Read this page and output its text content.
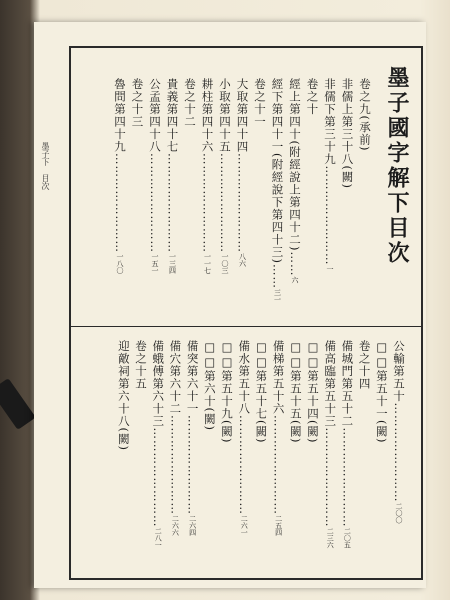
墨子國字解下目次
卷之九(承前)
非儒上第三十八(闕)
非儒下第三十九……………………一
卷之十
經上第四十(附經說上第四十二)……六
經下第四十一(附經說下第四十三)……三一
卷之十一
大取第四十四……………………八六
小取第四十五……………………一〇三
耕柱第四十六……………………一一七
卷之十二
貴義第四十七……………………一三四
公孟第四十八……………………一五一
卷之十三
魯問第四十九……………………一八〇
公輸第五十……………………二〇〇
□□第五十一(闕)
卷之十四
備城門第五十二……………………二〇五
備高臨第五十三……………………二三六
□□第五十四(闕)
□□第五十五(闕)
備梯第五十六……………………二五四
□□第五十七(闕)
備水第五十八……………………二六一
□□第五十九(闕)
□□第六十(闕)
備突第六十一……………………二六四
備穴第六十二……………………二六六
備蛾傅第六十三……………………二八一
卷之十五
迎敵祠第六十八(闕)
墨子下　目次
